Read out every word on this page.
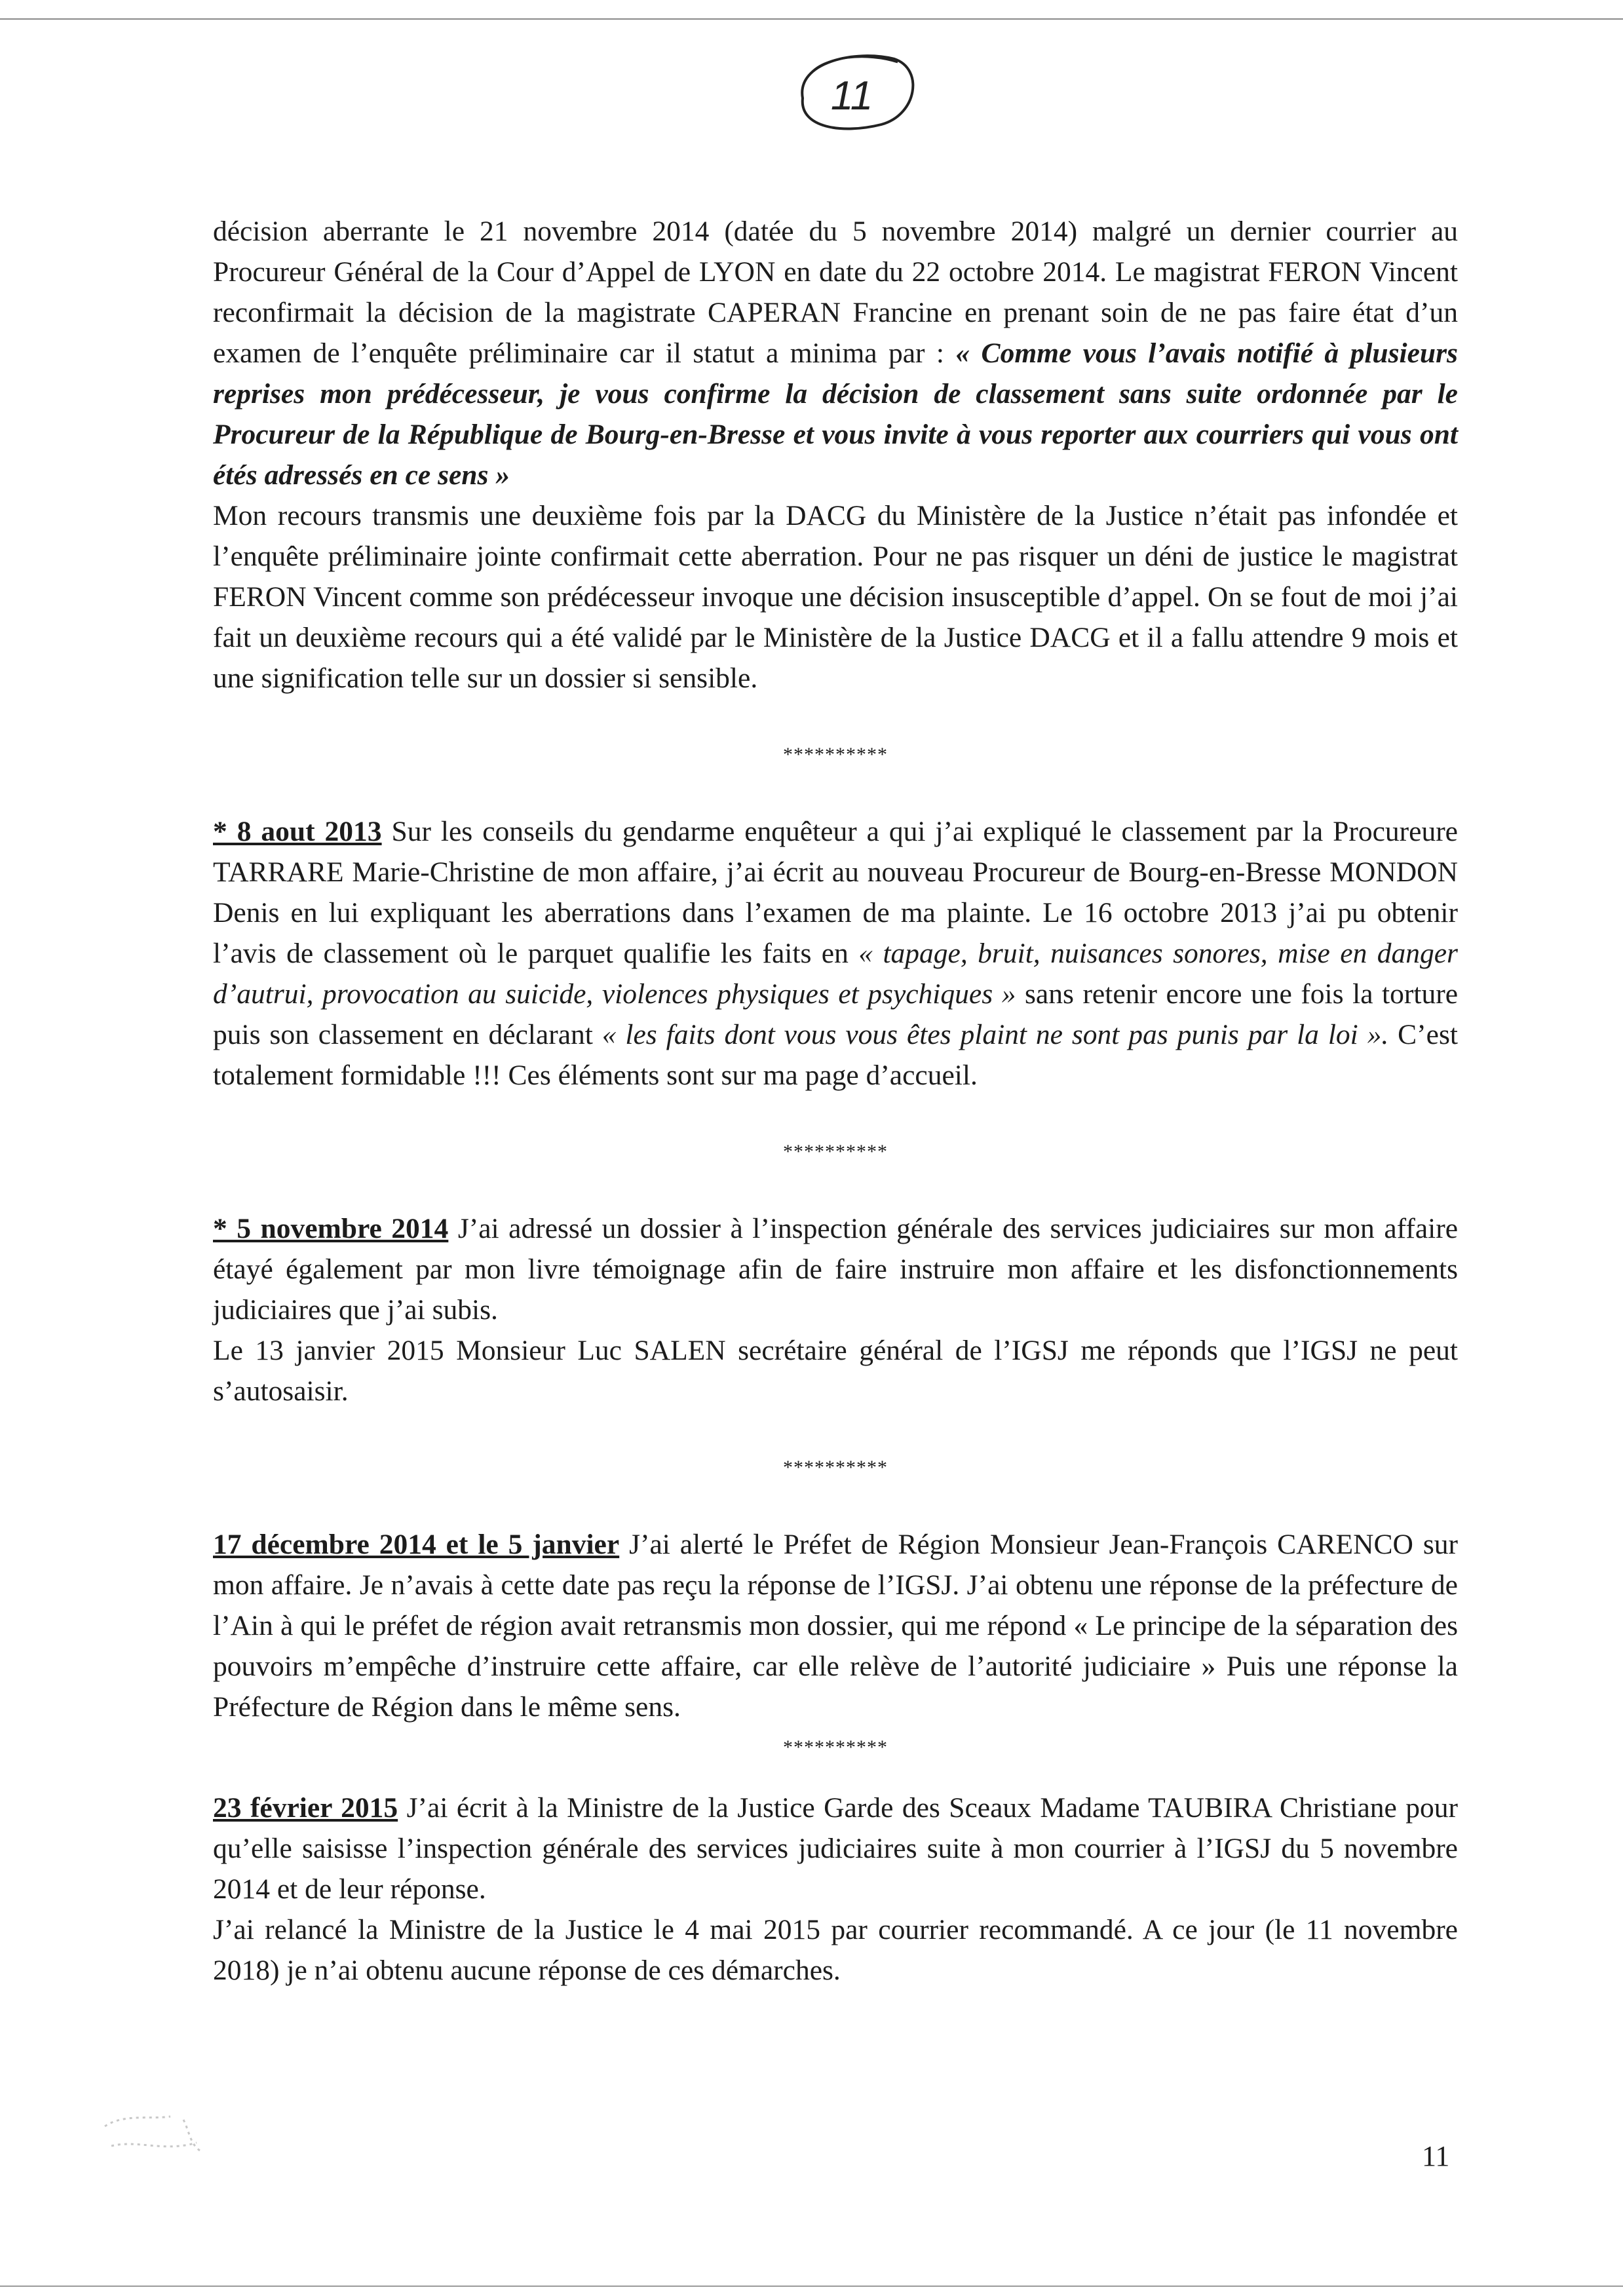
11

décision aberrante le 21 novembre 2014 (datée du 5 novembre 2014) malgré un dernier courrier au Procureur Général de la Cour d’Appel de LYON en date du 22 octobre 2014. Le magistrat FERON Vincent reconfirmait la décision de la magistrate CAPERAN Francine en prenant soin de ne pas faire état d’un examen de l’enquête préliminaire car il statut a minima par : « Comme vous l’avais notifié à plusieurs reprises mon prédécesseur, je vous confirme la décision de classement sans suite ordonnée par le Procureur de la République de Bourg-en-Bresse et vous invite à vous reporter aux courriers qui vous ont étés adressés en ce sens »

Mon recours transmis une deuxième fois par la DACG du Ministère de la Justice n’était pas infondée et l’enquête préliminaire jointe confirmait cette aberration. Pour ne pas risquer un déni de justice le magistrat FERON Vincent comme son prédécesseur invoque une décision insusceptible d’appel. On se fout de moi j’ai fait un deuxième recours qui a été validé par le Ministère de la Justice DACG et il a fallu attendre 9 mois et une signification telle sur un dossier si sensible.

**********

* 8 aout 2013 Sur les conseils du gendarme enquêteur a qui j’ai expliqué le classement par la Procureure TARRARE Marie-Christine de mon affaire, j’ai écrit au nouveau Procureur de Bourg-en-Bresse MONDON Denis en lui expliquant les aberrations dans l’examen de ma plainte. Le 16 octobre 2013 j’ai pu obtenir l’avis de classement où le parquet qualifie les faits en « tapage, bruit, nuisances sonores, mise en danger d’autrui, provocation au suicide, violences physiques et psychiques » sans retenir encore une fois la torture puis son classement en déclarant « les faits dont vous vous êtes plaint ne sont pas punis par la loi ». C’est totalement formidable !!! Ces éléments sont sur ma page d’accueil.

**********

* 5 novembre 2014 J’ai adressé un dossier à l’inspection générale des services judiciaires sur mon affaire étayé également par mon livre témoignage afin de faire instruire mon affaire et les disfonctionnements judiciaires que j’ai subis.

Le 13 janvier 2015 Monsieur Luc SALEN secrétaire général de l’IGSJ me réponds que l’IGSJ ne peut s’autosaisir.

**********

17 décembre 2014 et le 5 janvier J’ai alerté le Préfet de Région Monsieur Jean-François CARENCO sur mon affaire. Je n’avais à cette date pas reçu la réponse de l’IGSJ. J’ai obtenu une réponse de la préfecture de l’Ain à qui le préfet de région avait retransmis mon dossier, qui me répond « Le principe de la séparation des pouvoirs m’empêche d’instruire cette affaire, car elle relève de l’autorité judiciaire » Puis une réponse la Préfecture de Région dans le même sens.

**********

23 février 2015 J’ai écrit à la Ministre de la Justice Garde des Sceaux Madame TAUBIRA Christiane pour qu’elle saisisse l’inspection générale des services judiciaires suite à mon courrier à l’IGSJ du 5 novembre 2014 et de leur réponse.

J’ai relancé la Ministre de la Justice le 4 mai 2015 par courrier recommandé. A ce jour (le 11 novembre 2018) je n’ai obtenu aucune réponse de ces démarches.

11
